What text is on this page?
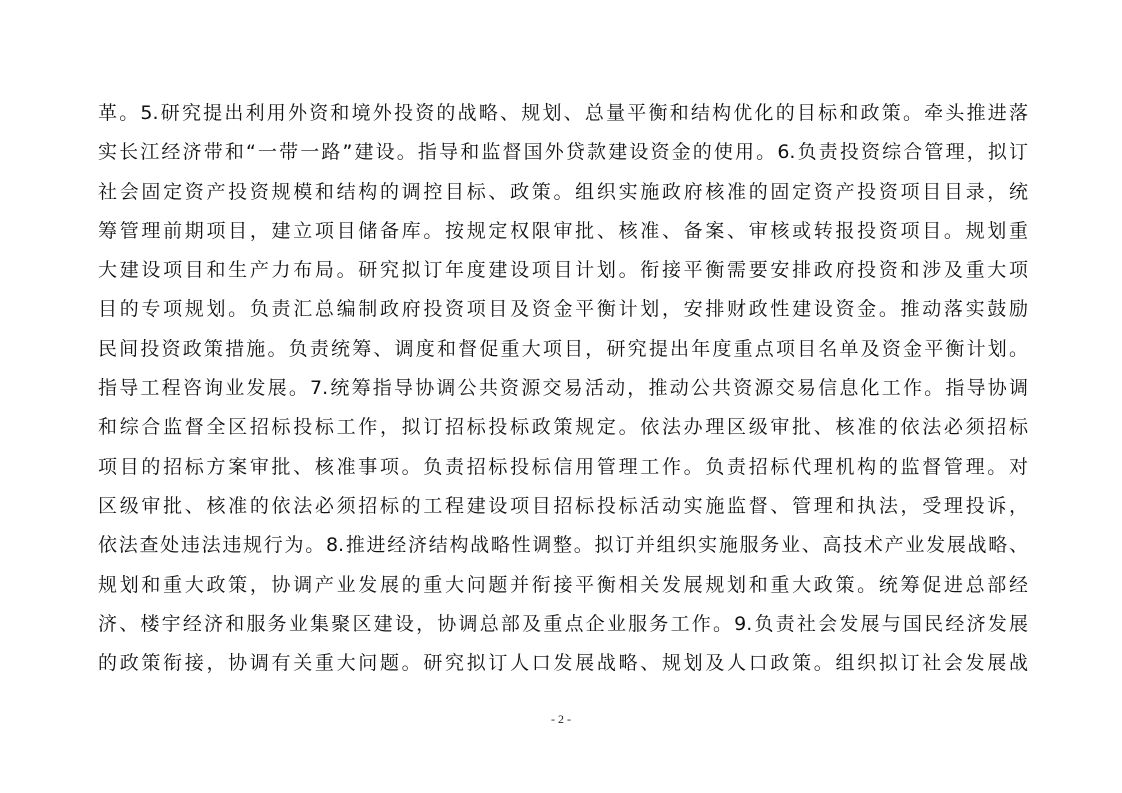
革。5.研究提出利用外资和境外投资的战略、规划、总量平衡和结构优化的目标和政策。牵头推进落
实长江经济带和“一带一路”建设。指导和监督国外贷款建设资金的使用。6.负责投资综合管理，拟订
社会固定资产投资规模和结构的调控目标、政策。组织实施政府核准的固定资产投资项目目录，统
筹管理前期项目，建立项目储备库。按规定权限审批、核准、备案、审核或转报投资项目。规划重
大建设项目和生产力布局。研究拟订年度建设项目计划。衔接平衡需要安排政府投资和涉及重大项
目的专项规划。负责汇总编制政府投资项目及资金平衡计划，安排财政性建设资金。推动落实鼓励
民间投资政策措施。负责统筹、调度和督促重大项目，研究提出年度重点项目名单及资金平衡计划。
指导工程咨询业发展。7.统筹指导协调公共资源交易活动，推动公共资源交易信息化工作。指导协调
和综合监督全区招标投标工作，拟订招标投标政策规定。依法办理区级审批、核准的依法必须招标
项目的招标方案审批、核准事项。负责招标投标信用管理工作。负责招标代理机构的监督管理。对
区级审批、核准的依法必须招标的工程建设项目招标投标活动实施监督、管理和执法，受理投诉，
依法查处违法违规行为。8.推进经济结构战略性调整。拟订并组织实施服务业、高技术产业发展战略、
规划和重大政策，协调产业发展的重大问题并衔接平衡相关发展规划和重大政策。统筹促进总部经
济、楼宇经济和服务业集聚区建设，协调总部及重点企业服务工作。9.负责社会发展与国民经济发展
的政策衔接，协调有关重大问题。研究拟订人口发展战略、规划及人口政策。组织拟订社会发展战
- 2 -
